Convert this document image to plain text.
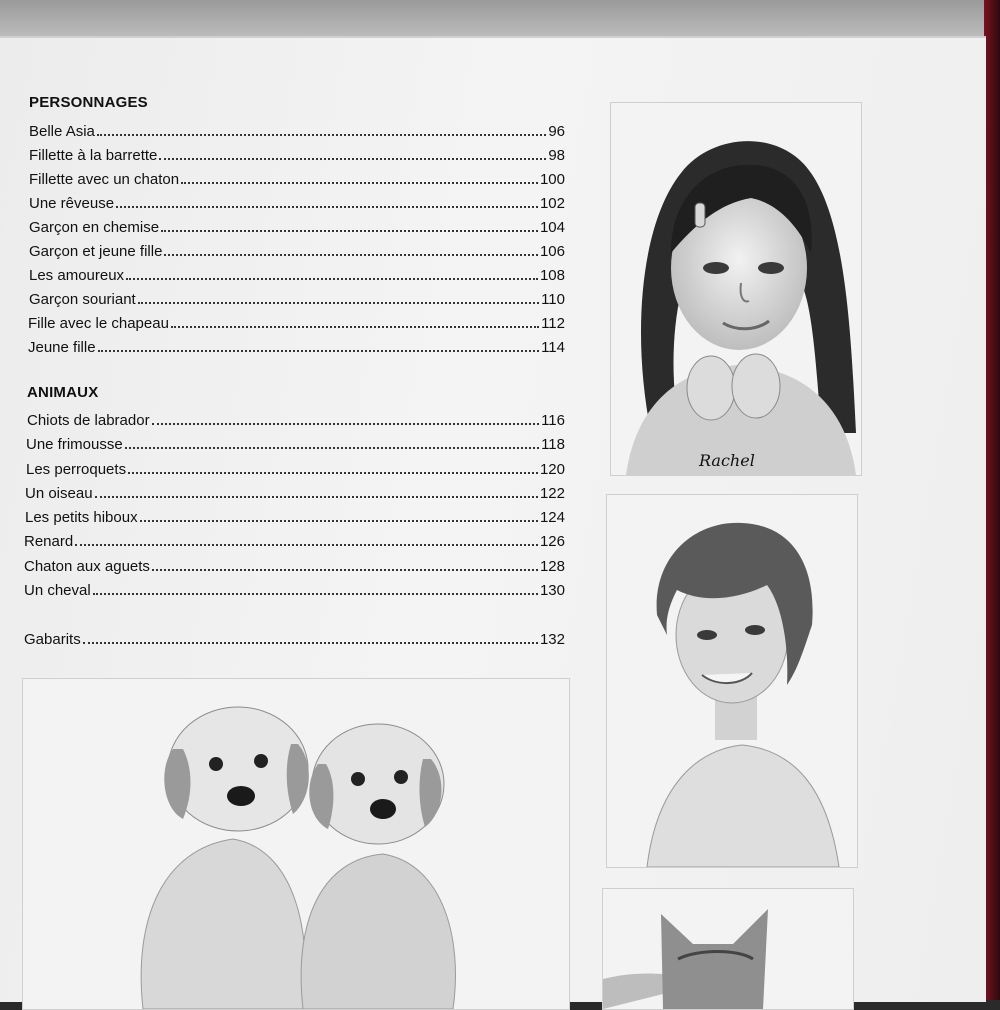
PERSONNAGES
Belle Asia	96
Fillette à la barrette	98
Fillette avec un chaton	100
Une rêveuse	102
Garçon en chemise	104
Garçon et jeune fille	106
Les amoureux	108
Garçon souriant	110
Fille avec le chapeau	112
Jeune fille	114
ANIMAUX
Chiots de labrador	116
Une frimousse	118
Les perroquets	120
Un oiseau	122
Les petits hiboux	124
Renard	126
Chaton aux aguets	128
Un cheval	130
Gabarits	132
Rachel
